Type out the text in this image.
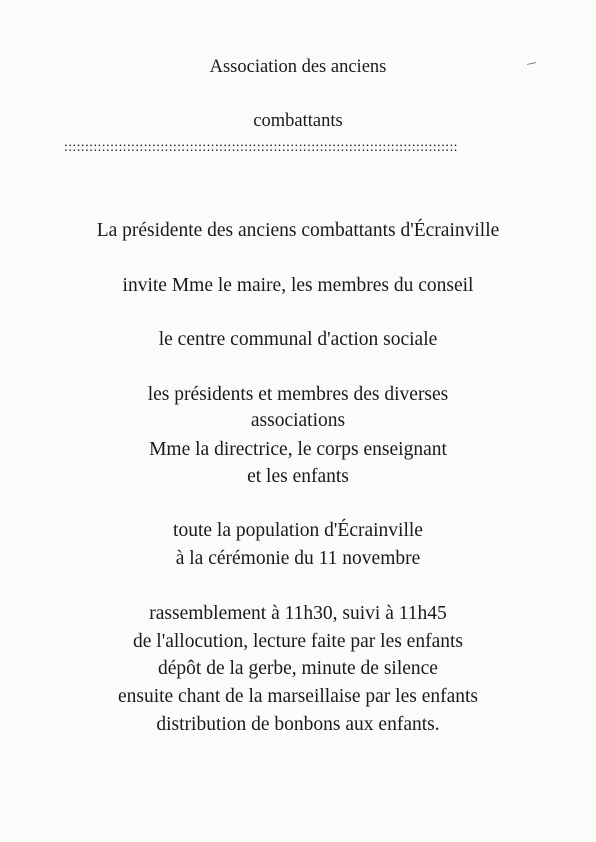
Association des anciens
combattants
::::::::::::::::::::::::::::::::::::::::::::::::::::::::::::::::::::::::::::::::::::::::::::::
La présidente des anciens combattants d'Écrainville
invite Mme le maire, les membres du conseil
le centre communal d'action sociale
les présidents et membres des diverses
associations
Mme la directrice, le corps enseignant
et les enfants
toute la population d'Écrainville
à la cérémonie du 11 novembre
rassemblement à 11h30, suivi à 11h45
de l'allocution, lecture faite par les enfants
dépôt de la gerbe, minute de silence
ensuite chant de la marseillaise par les enfants
distribution de bonbons aux enfants.
